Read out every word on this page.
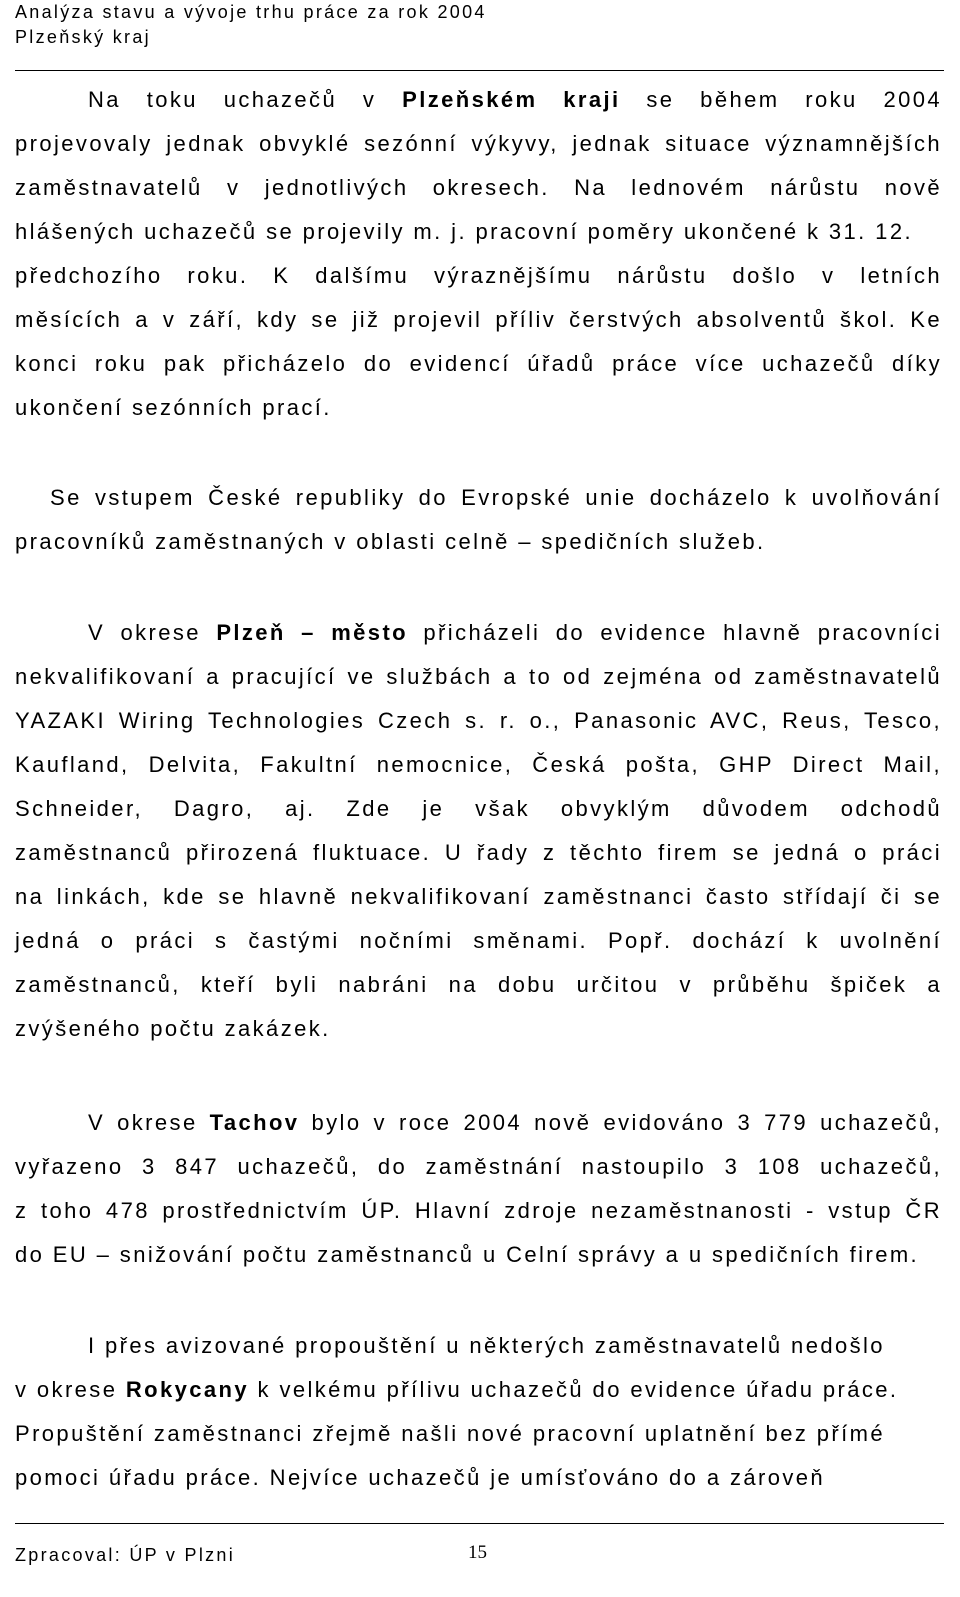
Analýza stavu a vývoje trhu práce za rok 2004
Plzeňský kraj
Na toku uchazečů v Plzeňském kraji se během roku 2004
projevovaly jednak obvyklé sezónní výkyvy, jednak situace významnějších
zaměstnavatelů v jednotlivých okresech. Na lednovém nárůstu nově
hlášených uchazečů se projevily m. j. pracovní poměry ukončené k 31. 12.
předchozího roku. K dalšímu výraznějšímu nárůstu došlo v letních
měsících a v září, kdy se již projevil příliv čerstvých absolventů škol. Ke
konci roku pak přicházelo do evidencí úřadů práce více uchazečů díky
ukončení sezónních prací.
Se vstupem České republiky do Evropské unie docházelo k uvolňování
pracovníků zaměstnaných v oblasti celně – spedičních služeb.
V okrese Plzeň – město přicházeli do evidence hlavně pracovníci
nekvalifikovaní a pracující ve službách a to od zejména od zaměstnavatelů
YAZAKI Wiring Technologies Czech s. r. o., Panasonic AVC, Reus, Tesco,
Kaufland, Delvita, Fakultní nemocnice, Česká pošta, GHP Direct Mail,
Schneider, Dagro, aj. Zde je však obvyklým důvodem odchodů
zaměstnanců přirozená fluktuace. U řady z těchto firem se jedná o práci
na linkách, kde se hlavně nekvalifikovaní zaměstnanci často střídají či se
jedná o práci s častými nočními směnami. Popř. dochází k uvolnění
zaměstnanců, kteří byli nabráni na dobu určitou v průběhu špiček a
zvýšeného počtu zakázek.
V okrese Tachov bylo v roce 2004 nově evidováno 3 779 uchazečů,
vyřazeno 3 847 uchazečů, do zaměstnání nastoupilo 3 108 uchazečů,
z toho 478 prostřednictvím ÚP. Hlavní zdroje nezaměstnanosti - vstup ČR
do EU – snižování počtu zaměstnanců u Celní správy a u spedičních firem.
I přes avizované propouštění u některých zaměstnavatelů nedošlo
v okrese Rokycany k velkému přílivu uchazečů do evidence úřadu práce.
Propuštění zaměstnanci zřejmě našli nové pracovní uplatnění bez přímé
pomoci úřadu práce. Nejvíce uchazečů je umísťováno do a zároveň
Zpracoval: ÚP v Plzni	15
